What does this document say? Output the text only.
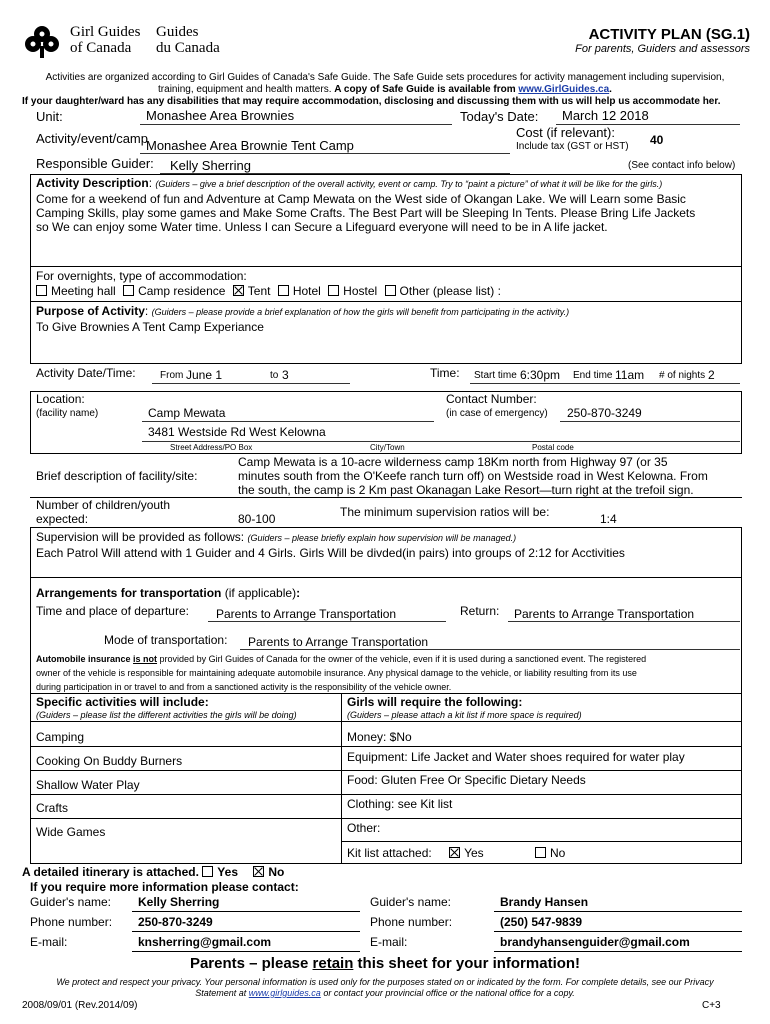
Girl Guides
of Canada
Guides
du Canada
ACTIVITY PLAN (SG.1)
For parents, Guiders and assessors
Activities are organized according to Girl Guides of Canada's Safe Guide. The Safe Guide sets procedures for activity management including supervision,
training, equipment and health matters. A copy of Safe Guide is available from www.GirlGuides.ca.
If your daughter/ward has any disabilities that may require accommodation, disclosing and discussing them with us will help us accommodate her.
Unit:	Monashee Area Brownies	Today's Date: March 12 2018
Activity/event/camp
Monashee Area Brownie Tent Camp
Cost (if relevant):
Include tax (GST or HST) 40
Responsible Guider: Kelly Sherring	(See contact info below)
Activity Description: (Guiders – give a brief description of the overall activity, event or camp. Try to “paint a picture” of what it will be like for the girls.)
Come for a weekend of fun and Adventure at Camp Mewata on the West side of Okangan Lake. We will Learn some Basic
Camping Skills, play some games and Make Some Crafts. The Best Part will be Sleeping In Tents. Please Bring Life Jackets
so We can enjoy some Water time. Unless I can Secure a Lifeguard everyone will need to be in A life jacket.
For overnights, type of accommodation:
Meeting hall Camp residence Tent Hotel Hostel Other (please list) :
Purpose of Activity: (Guiders – please provide a brief explanation of how the girls will benefit from participating in the activity.)
To Give Brownies A Tent Camp Experiance
Activity Date/Time: From June 1	to 3	Time: Start time 6:30pm End time 11am # of nights 2
Location:
(facility name)	Camp Mewata
Contact Number:
(in case of emergency) 250-870-3249
3481 Westside Rd West Kelowna
Street Address/PO Box	City/Town	Postal code
Brief description of facility/site:
Camp Mewata is a 10-acre wilderness camp 18Km north from Highway 97 (or 35
minutes south from the O'Keefe ranch turn off) on Westside road in West Kelowna. From
the south, the camp is 2 Km past Okanagan Lake Resort—turn right at the trefoil sign.
Number of children/youth
expected:	80-100	The minimum supervision ratios will be:	1:4
Supervision will be provided as follows: (Guiders – please briefly explain how supervision will be managed.)
Each Patrol Will attend with 1 Guider and 4 Girls. Girls Will be divded(in pairs) into groups of 2:12 for Acctivities
Arrangements for transportation (if applicable):
Time and place of departure: Parents to Arrange Transportation	Return: Parents to Arrange Transportation
Mode of transportation: Parents to Arrange Transportation
Automobile insurance is not provided by Girl Guides of Canada for the owner of the vehicle, even if it is used during a sanctioned event. The registered
owner of the vehicle is responsible for maintaining adequate automobile insurance. Any physical damage to the vehicle, or liability resulting from its use
during participation in or travel to and from a sanctioned activity is the responsibility of the vehicle owner.
Specific activities will include:
(Guiders – please list the different activities the girls will be doing)
Girls will require the following:
(Guiders – please attach a kit list if more space is required)
Camping	Money: $No
Cooking On Buddy Burners	Equipment: Life Jacket and Water shoes required for water play
Shallow Water Play	Food: Gluten Free Or Specific Dietary Needs
Crafts	Clothing: see Kit list
Wide Games	Other:
Kit list attached:	Yes	No
A detailed itinerary is attached. Yes	No
If you require more information please contact:
Guider's name: Kelly Sherring
Phone number: 250-870-3249
E-mail:	knsherring@gmail.com
Guider's name:	Brandy Hansen
Phone number:	(250) 547-9839
E-mail:	brandyhansenguider@gmail.com
Parents – please retain this sheet for your information!
We protect and respect your privacy. Your personal information is used only for the purposes stated on or indicated by the form. For complete details, see our Privacy
Statement at www.girlguides.ca or contact your provincial office or the national office for a copy.
2008/09/01 (Rev.2014/09)	C+3
